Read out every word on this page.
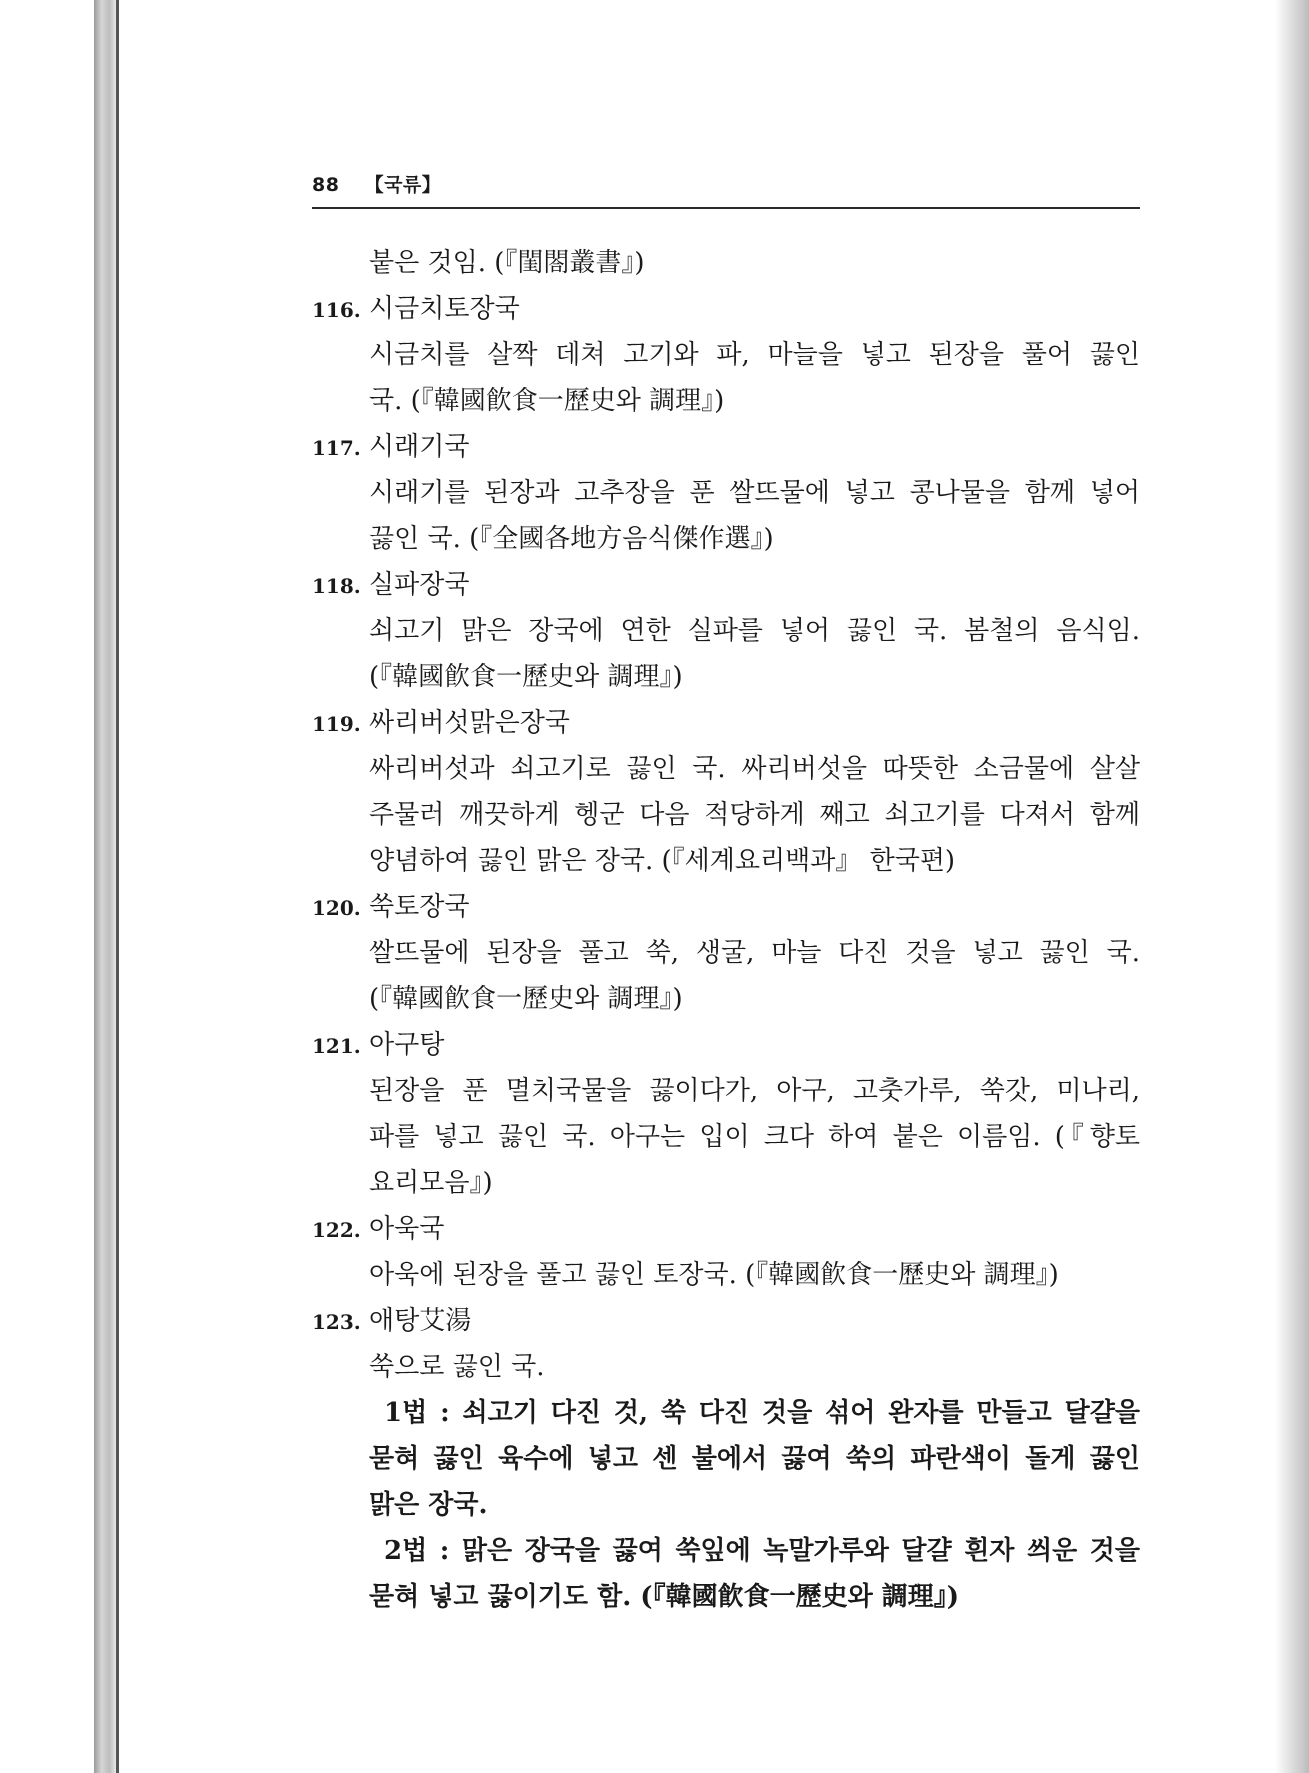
88 【국류】
붙은 것임. (『閨閤叢書』)
116. 시금치토장국
시금치를 살짝 데쳐 고기와 파, 마늘을 넣고 된장을 풀어 끓인
국. (『韓國飮食一歷史와 調理』)
117. 시래기국
시래기를 된장과 고추장을 푼 쌀뜨물에 넣고 콩나물을 함께 넣어
끓인 국. (『全國各地方음식傑作選』)
118. 실파장국
쇠고기 맑은 장국에 연한 실파를 넣어 끓인 국. 봄철의 음식임.
(『韓國飮食一歷史와 調理』)
119. 싸리버섯맑은장국
싸리버섯과 쇠고기로 끓인 국. 싸리버섯을 따뜻한 소금물에 살살
주물러 깨끗하게 헹군 다음 적당하게 째고 쇠고기를 다져서 함께
양념하여 끓인 맑은 장국. (『세계요리백과』 한국편)
120. 쑥토장국
쌀뜨물에 된장을 풀고 쑥, 생굴, 마늘 다진 것을 넣고 끓인 국.
(『韓國飮食一歷史와 調理』)
121. 아구탕
된장을 푼 멸치국물을 끓이다가, 아구, 고춧가루, 쑥갓, 미나리,
파를 넣고 끓인 국. 아구는 입이 크다 하여 붙은 이름임. (『향토
요리모음』)
122. 아욱국
아욱에 된장을 풀고 끓인 토장국. (『韓國飮食一歷史와 調理』)
123. 애탕艾湯
쑥으로 끓인 국.
1법 : 쇠고기 다진 것, 쑥 다진 것을 섞어 완자를 만들고 달걀을
묻혀 끓인 육수에 넣고 센 불에서 끓여 쑥의 파란색이 돌게 끓인
맑은 장국.
2법 : 맑은 장국을 끓여 쑥잎에 녹말가루와 달걀 흰자 씌운 것을
묻혀 넣고 끓이기도 함. (『韓國飮食一歷史와 調理』)
